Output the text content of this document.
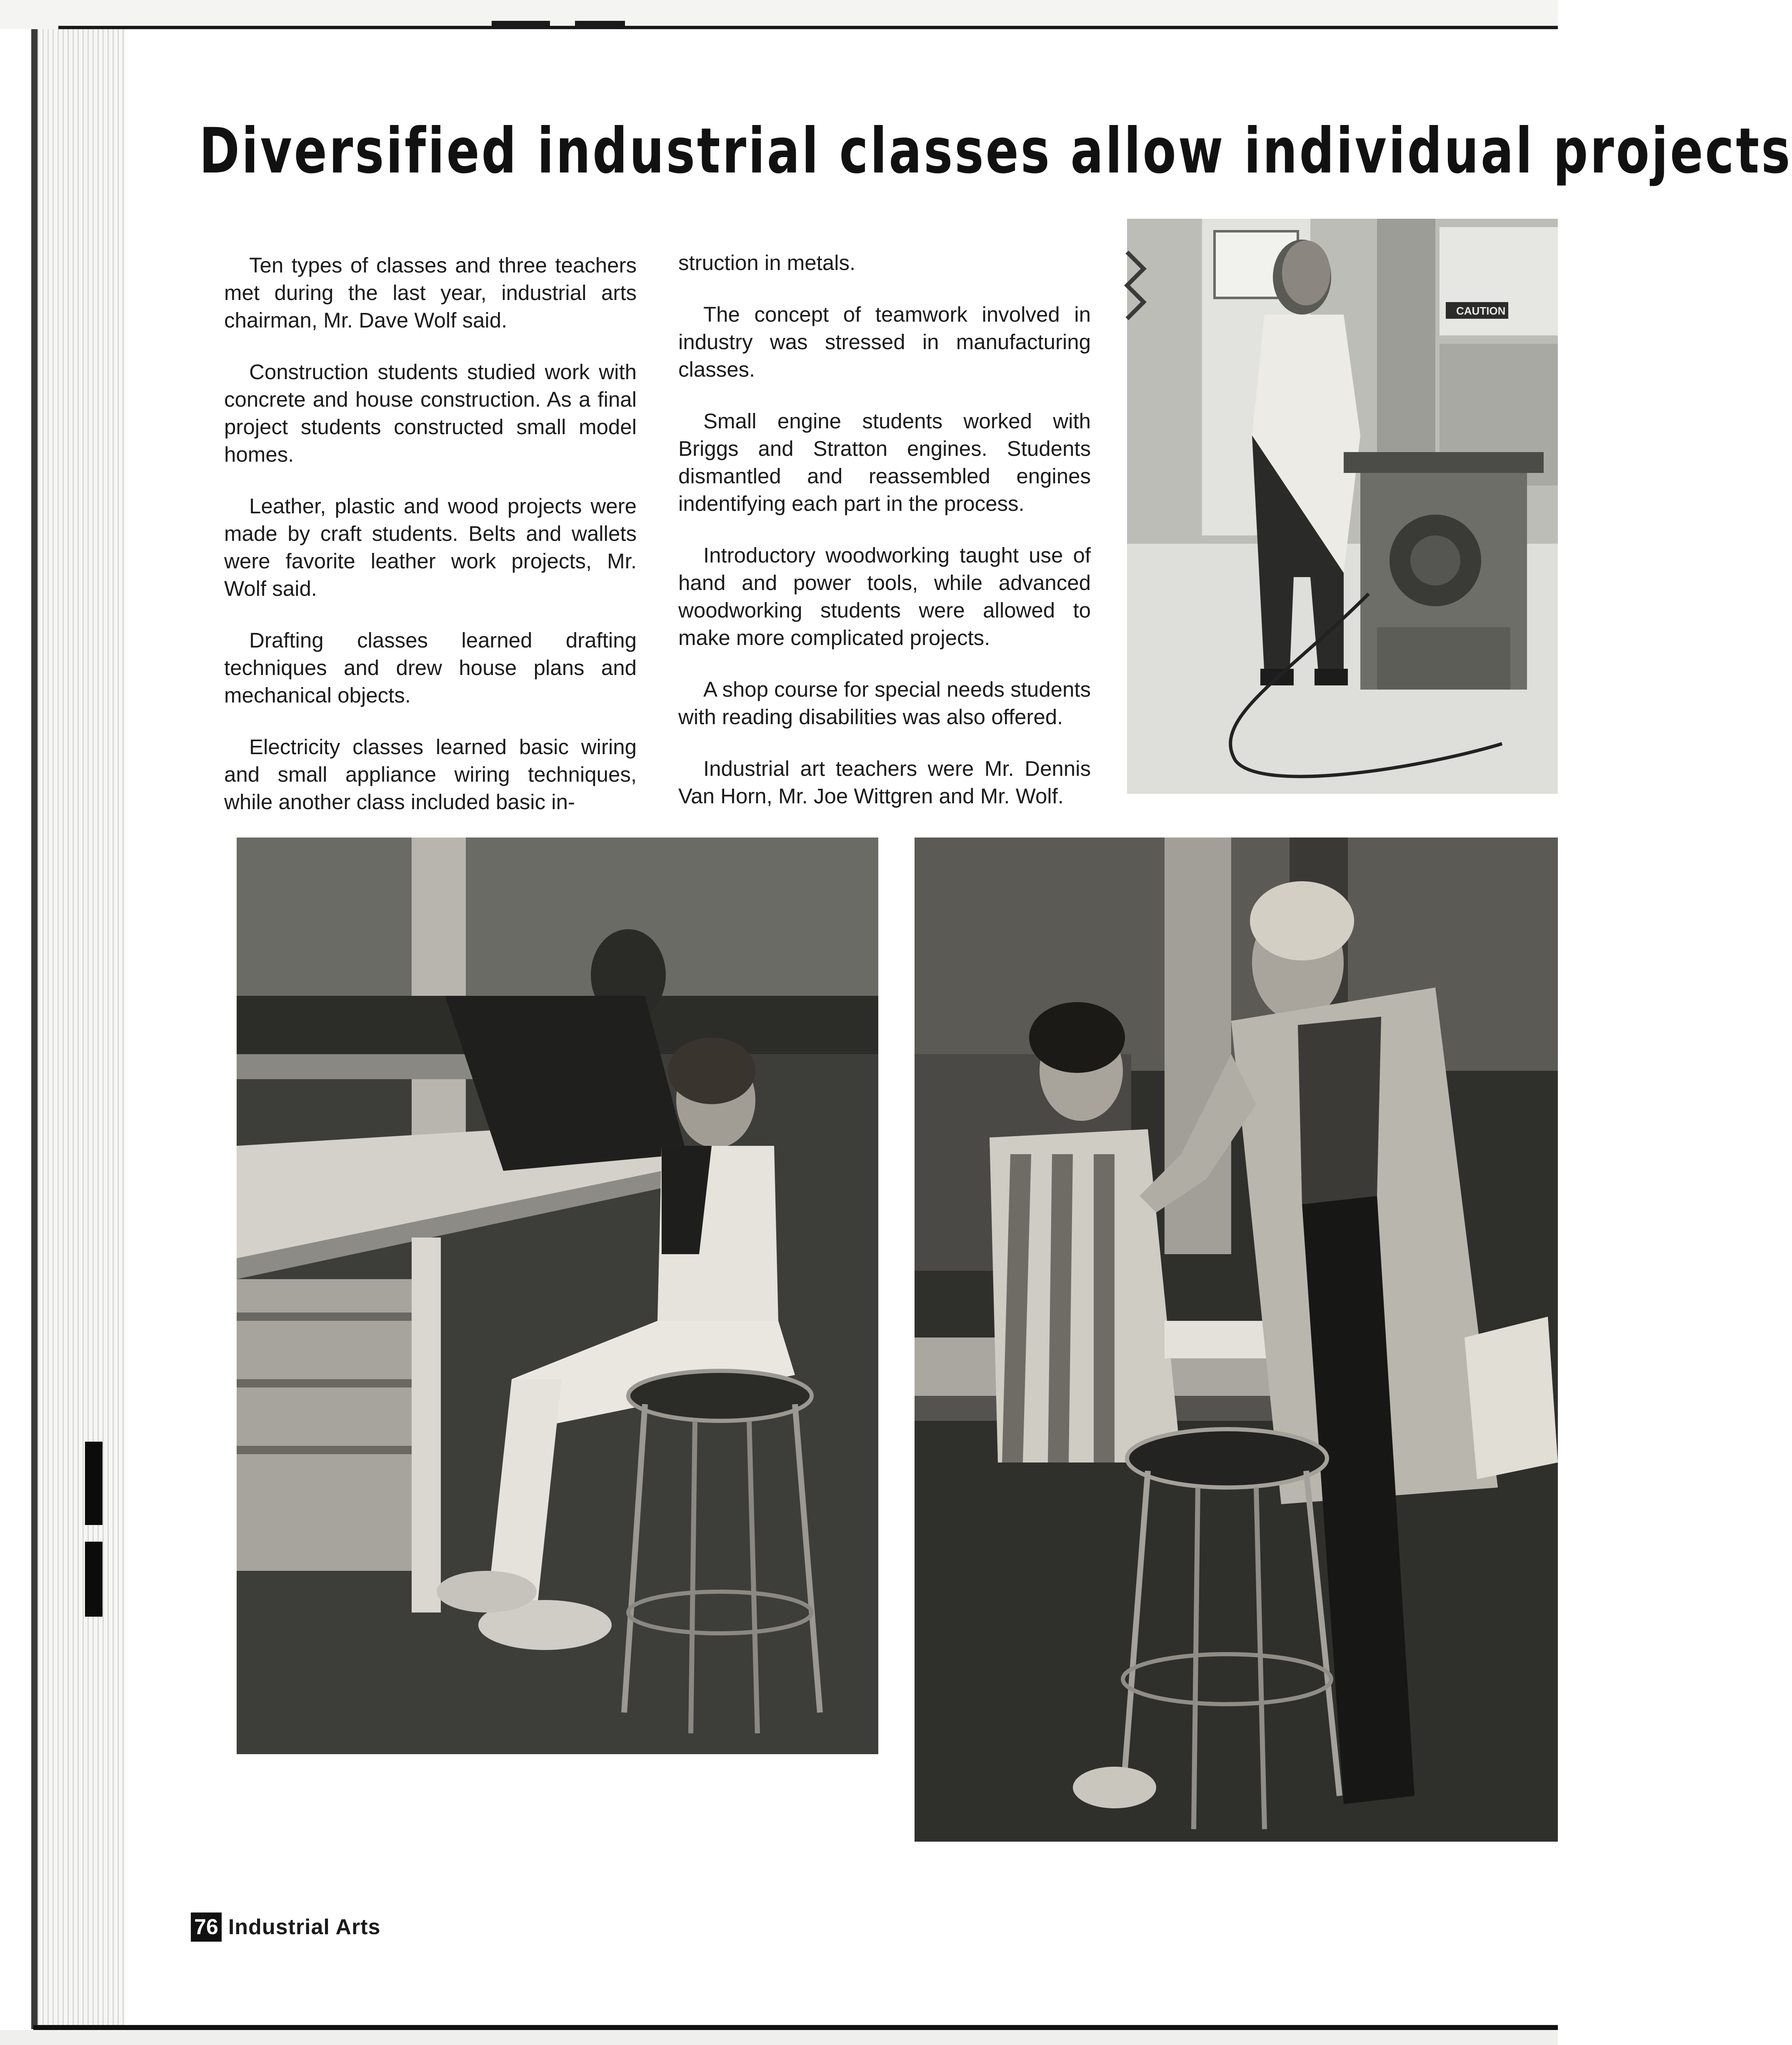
Diversified industrial classes allow individual projects

Ten types of classes and three teachers met during the last year, industrial arts chairman, Mr. Dave Wolf said.

Construction students studied work with concrete and house construction. As a final project students constructed small model homes.

Leather, plastic and wood projects were made by craft students. Belts and wallets were favorite leather work projects, Mr. Wolf said.

Drafting classes learned drafting techniques and drew house plans and mechanical objects.

Electricity classes learned basic wiring and small appliance wiring techniques, while another class included basic in-

struction in metals.

The concept of teamwork involved in industry was stressed in manufacturing classes.

Small engine students worked with Briggs and Stratton engines. Students dismantled and reassembled engines indentifying each part in the process.

Introductory woodworking taught use of hand and power tools, while advanced woodworking students were allowed to make more complicated projects.

A shop course for special needs students with reading disabilities was also offered.

Industrial art teachers were Mr. Dennis Van Horn, Mr. Joe Wittgren and Mr. Wolf.

CAUTION
76 Industrial Arts
